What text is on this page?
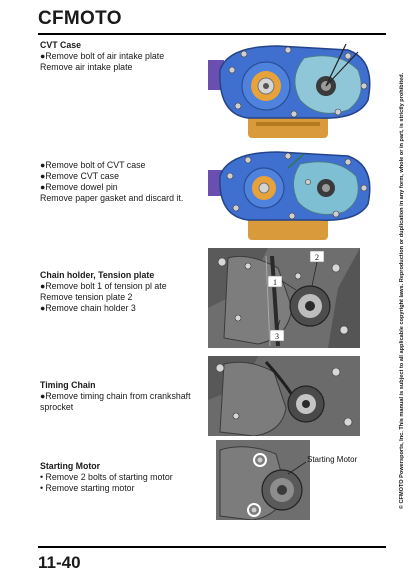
CFMOTO
CVT Case
●Remove bolt of air intake plate
Remove air intake plate
●Remove bolt of CVT case
●Remove CVT case
●Remove dowel pin
Remove paper gasket and discard it.
Chain holder, Tension plate
●Remove bolt 1 of tension pl ate
Remove tension plate 2
●Remove chain holder 3
Timing Chain
●Remove timing chain from crankshaft
sprocket
Starting Motor
• Remove 2 bolts of starting motor
• Remove starting motor
2
1
3
Starting Motor	© CFMOTO Powersports, Inc. This manual is subject to all applicable copyright laws. Reproduction or duplication in any form, whole or in part, is strictly prohibited.
11-40
